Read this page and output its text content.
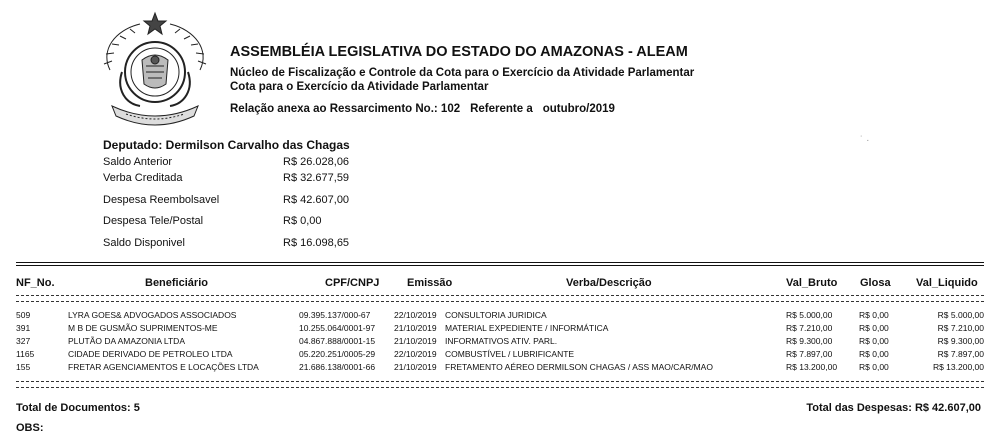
ASSEMBLÉIA LEGISLATIVA DO ESTADO DO AMAZONAS - ALEAM
Núcleo de Fiscalização e Controle da Cota para o Exercício da Atividade Parlamentar
Cota para o Exercício da Atividade Parlamentar
Relação anexa ao Ressarcimento No.: 102 Referente a outubro/2019
˙ ·
Deputado: Dermilson Carvalho das Chagas
Saldo Anterior	R$ 26.028,06
Verba Creditada	R$ 32.677,59
Despesa Reembolsavel	R$ 42.607,00
Despesa Tele/Postal	R$ 0,00
Saldo Disponivel	R$ 16.098,65
NF_No.	Beneficiário	CPF/CNPJ	Emissão	Verba/Descrição	Val_Bruto Glosa Val_Liquido
509	LYRA GOES& ADVOGADOS ASSOCIADOS	09.395.137/000-67	22/10/2019 CONSULTORIA JURIDICA	R$ 5.000,00	R$ 0,00	R$ 5.000,00
391	M B DE GUSMÃO SUPRIMENTOS-ME	10.255.064/0001-97 21/10/2019 MATERIAL EXPEDIENTE / INFORMÁTICA	R$ 7.210,00	R$ 0,00	R$ 7.210,00
327	PLUTÃO DA AMAZONIA LTDA	04.867.888/0001-15 21/10/2019 INFORMATIVOS ATIV. PARL.	R$ 9.300,00	R$ 0,00	R$ 9.300,00
1165	CIDADE DERIVADO DE PETROLEO LTDA	05.220.251/0005-29 22/10/2019 COMBUSTÍVEL / LUBRIFICANTE	R$ 7.897,00	R$ 0,00	R$ 7.897,00
155	FRETAR AGENCIAMENTOS E LOCAÇÕES LTDA	21.686.138/0001-66 21/10/2019 FRETAMENTO AÉREO DERMILSON CHAGAS / ASS MAO/CAR/MAO	R$ 13.200,00	R$ 0,00	R$ 13.200,00
Total de Documentos: 5	Total das Despesas: R$ 42.607,00
OBS:
